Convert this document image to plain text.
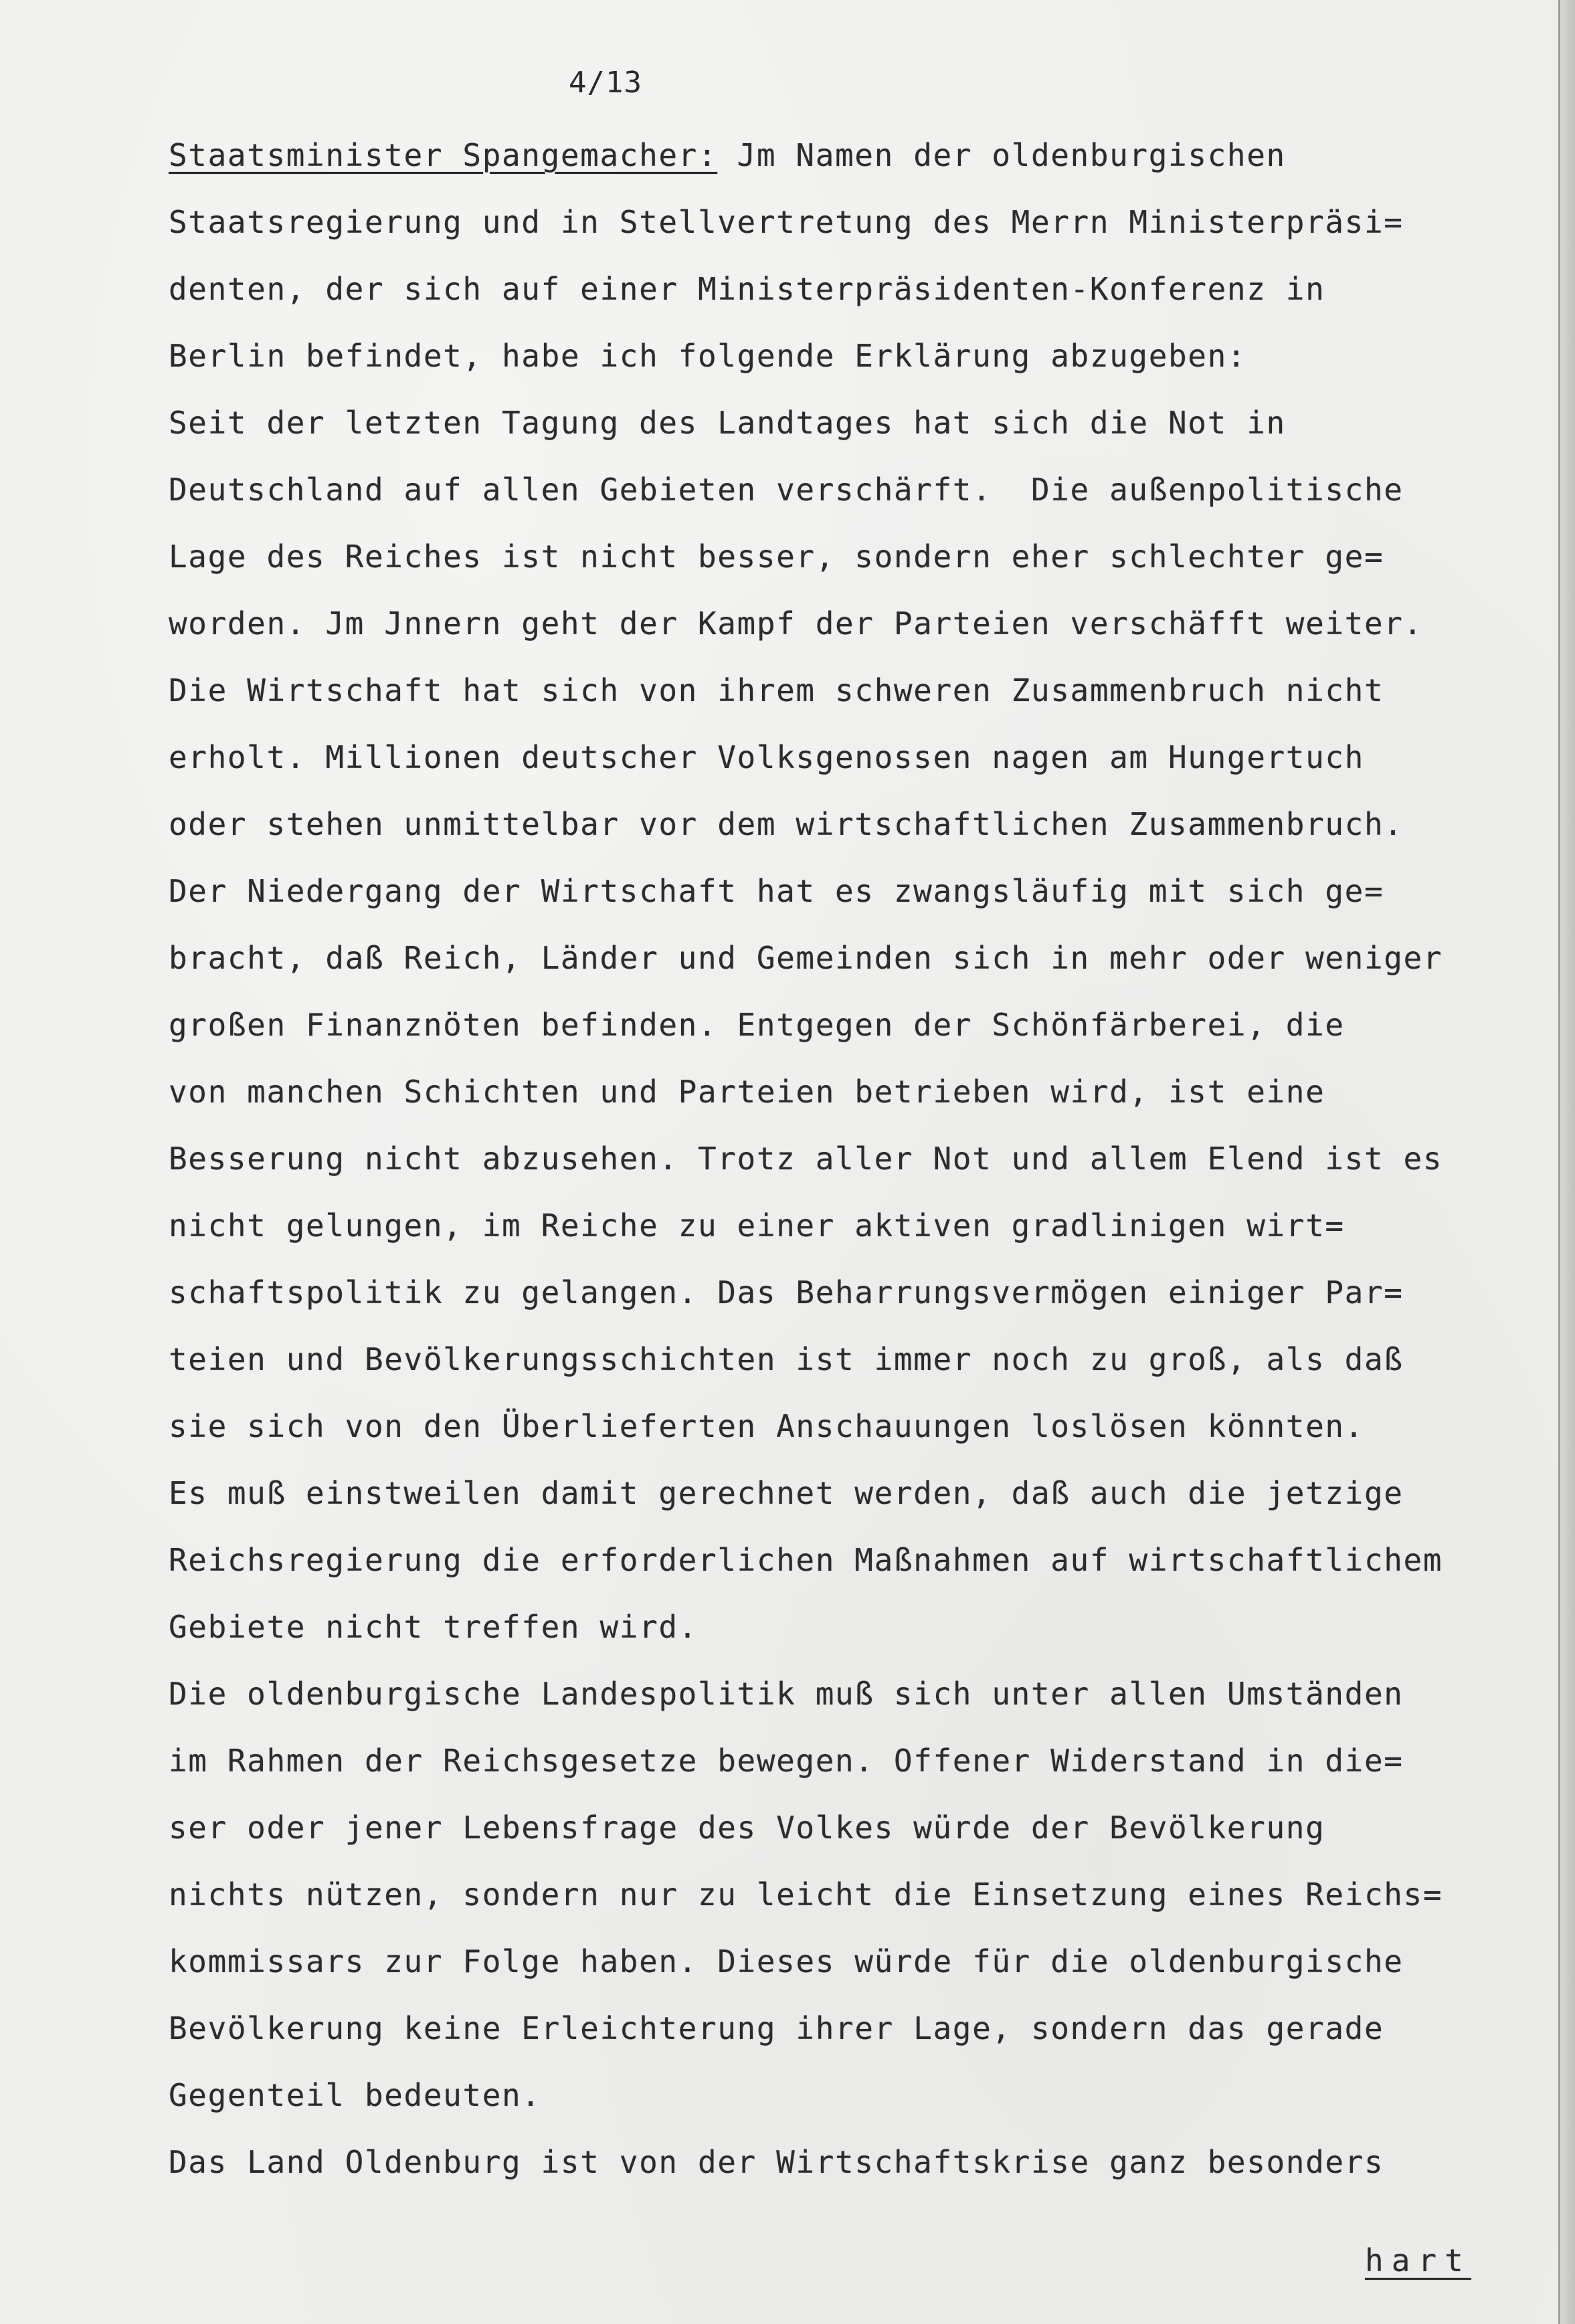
4/13
Staatsminister Spangemacher: Jm Namen der oldenburgischen
Staatsregierung und in Stellvertretung des Merrn Ministerpräsi=
denten, der sich auf einer Ministerpräsidenten-Konferenz in
Berlin befindet, habe ich folgende Erklärung abzugeben:
Seit der letzten Tagung des Landtages hat sich die Not in
Deutschland auf allen Gebieten verschärft.  Die außenpolitische
Lage des Reiches ist nicht besser, sondern eher schlechter ge=
worden. Jm Jnnern geht der Kampf der Parteien verschäfft weiter.
Die Wirtschaft hat sich von ihrem schweren Zusammenbruch nicht
erholt. Millionen deutscher Volksgenossen nagen am Hungertuch
oder stehen unmittelbar vor dem wirtschaftlichen Zusammenbruch.
Der Niedergang der Wirtschaft hat es zwangsläufig mit sich ge=
bracht, daß Reich, Länder und Gemeinden sich in mehr oder weniger
großen Finanznöten befinden. Entgegen der Schönfärberei, die
von manchen Schichten und Parteien betrieben wird, ist eine
Besserung nicht abzusehen. Trotz aller Not und allem Elend ist es
nicht gelungen, im Reiche zu einer aktiven gradlinigen wirt=
schaftspolitik zu gelangen. Das Beharrungsvermögen einiger Par=
teien und Bevölkerungsschichten ist immer noch zu groß, als daß
sie sich von den Überlieferten Anschauungen loslösen könnten.
Es muß einstweilen damit gerechnet werden, daß auch die jetzige
Reichsregierung die erforderlichen Maßnahmen auf wirtschaftlichem
Gebiete nicht treffen wird.
Die oldenburgische Landespolitik muß sich unter allen Umständen
im Rahmen der Reichsgesetze bewegen. Offener Widerstand in die=
ser oder jener Lebensfrage des Volkes würde der Bevölkerung
nichts nützen, sondern nur zu leicht die Einsetzung eines Reichs=
kommissars zur Folge haben. Dieses würde für die oldenburgische
Bevölkerung keine Erleichterung ihrer Lage, sondern das gerade
Gegenteil bedeuten.
Das Land Oldenburg ist von der Wirtschaftskrise ganz besonders
hart
